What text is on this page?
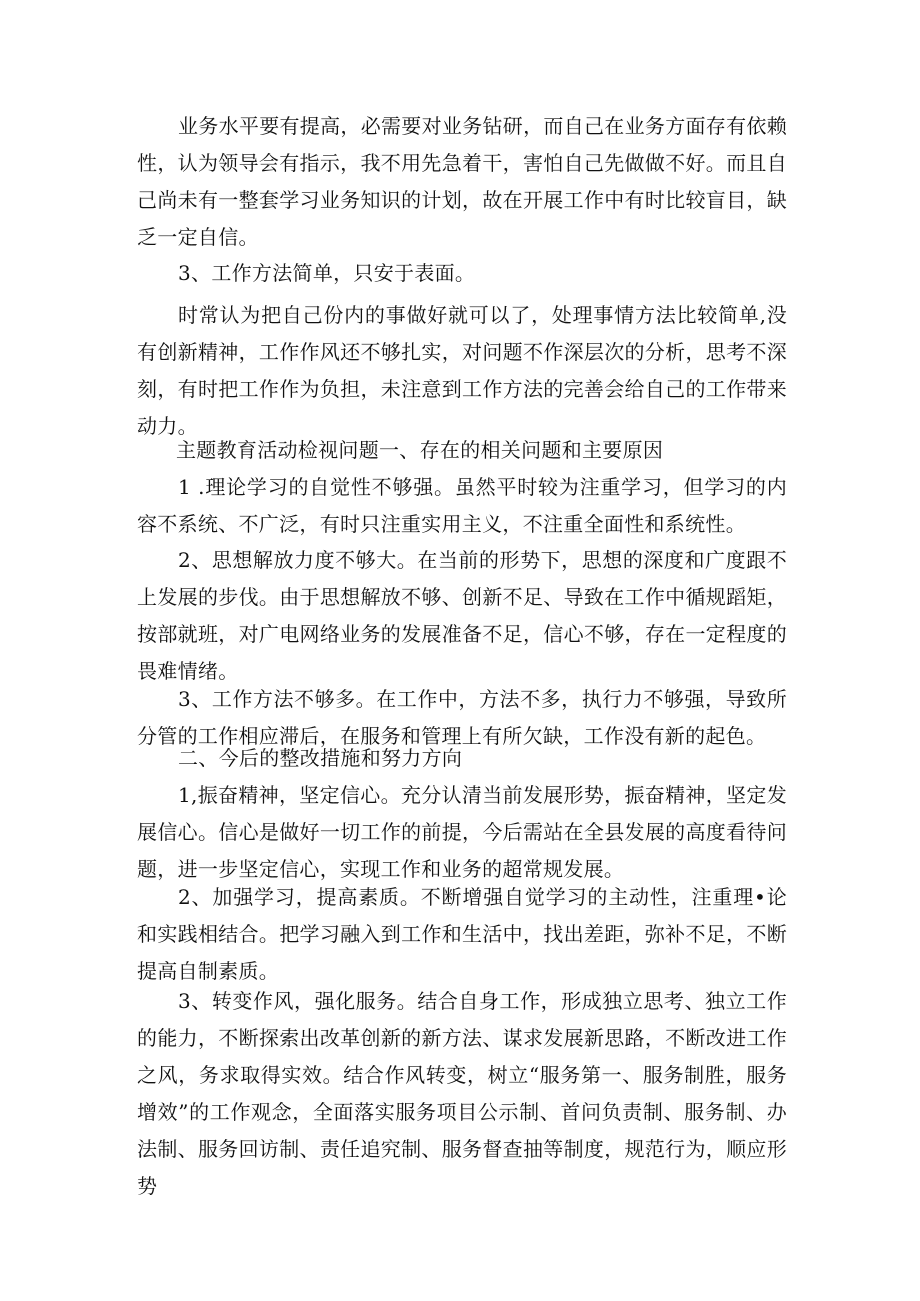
业务水平要有提高，必需要对业务钻研，而自己在业务方面存有依赖性，认为领导会有指示，我不用先急着干，害怕自己先做做不好。而且自己尚未有一整套学习业务知识的计划，故在开展工作中有时比较盲目，缺乏一定自信。

3、工作方法简单，只安于表面。

时常认为把自己份内的事做好就可以了，处理事情方法比较简单,没有创新精神，工作作风还不够扎实，对问题不作深层次的分析，思考不深刻，有时把工作作为负担，未注意到工作方法的完善会给自己的工作带来动力。

主题教育活动检视问题一、存在的相关问题和主要原因

1 .理论学习的自觉性不够强。虽然平时较为注重学习，但学习的内容不系统、不广泛，有时只注重实用主义，不注重全面性和系统性。

2、思想解放力度不够大。在当前的形势下，思想的深度和广度跟不上发展的步伐。由于思想解放不够、创新不足、导致在工作中循规蹈矩，按部就班，对广电网络业务的发展准备不足，信心不够，存在一定程度的畏难情绪。

3、工作方法不够多。在工作中，方法不多，执行力不够强，导致所分管的工作相应滞后，在服务和管理上有所欠缺，工作没有新的起色。

二、今后的整改措施和努力方向

1,振奋精神，坚定信心。充分认清当前发展形势，振奋精神，坚定发展信心。信心是做好一切工作的前提，今后需站在全县发展的高度看待问题，进一步坚定信心，实现工作和业务的超常规发展。

2、加强学习，提高素质。不断增强自觉学习的主动性，注重理•论和实践相结合。把学习融入到工作和生活中，找出差距，弥补不足，不断提高自制素质。

3、转变作风，强化服务。结合自身工作，形成独立思考、独立工作的能力，不断探索出改革创新的新方法、谋求发展新思路，不断改进工作之风，务求取得实效。结合作风转变，树立“服务第一、服务制胜，服务增效”的工作观念，全面落实服务项目公示制、首问负责制、服务制、办法制、服务回访制、责任追究制、服务督查抽等制度，规范行为，顺应形势
